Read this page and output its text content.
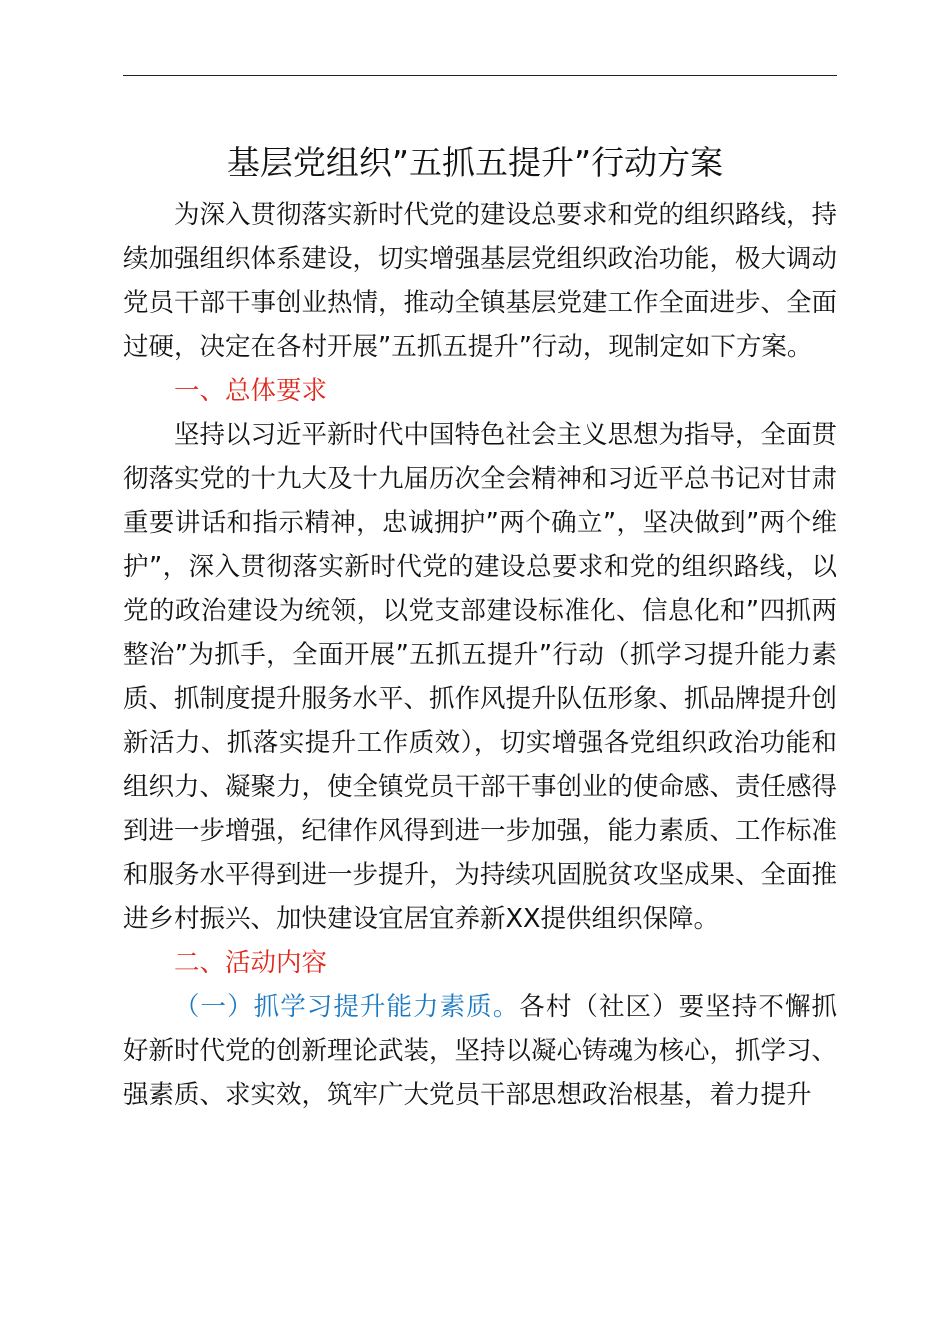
基层党组织”五抓五提升”行动方案

为深入贯彻落实新时代党的建设总要求和党的组织路线，持续加强组织体系建设，切实增强基层党组织政治功能，极大调动党员干部干事创业热情，推动全镇基层党建工作全面进步、全面过硬，决定在各村开展”五抓五提升”行动，现制定如下方案。

一、总体要求

坚持以习近平新时代中国特色社会主义思想为指导，全面贯彻落实党的十九大及十九届历次全会精神和习近平总书记对甘肃重要讲话和指示精神，忠诚拥护”两个确立”，坚决做到”两个维护”，深入贯彻落实新时代党的建设总要求和党的组织路线，以党的政治建设为统领，以党支部建设标准化、信息化和”四抓两整治”为抓手，全面开展”五抓五提升”行动（抓学习提升能力素质、抓制度提升服务水平、抓作风提升队伍形象、抓品牌提升创新活力、抓落实提升工作质效），切实增强各党组织政治功能和组织力、凝聚力，使全镇党员干部干事创业的使命感、责任感得到进一步增强，纪律作风得到进一步加强，能力素质、工作标准和服务水平得到进一步提升，为持续巩固脱贫攻坚成果、全面推进乡村振兴、加快建设宜居宜养新XX提供组织保障。

二、活动内容

（一）抓学习提升能力素质。各村（社区）要坚持不懈抓好新时代党的创新理论武装，坚持以凝心铸魂为核心，抓学习、强素质、求实效，筑牢广大党员干部思想政治根基，着力提升
